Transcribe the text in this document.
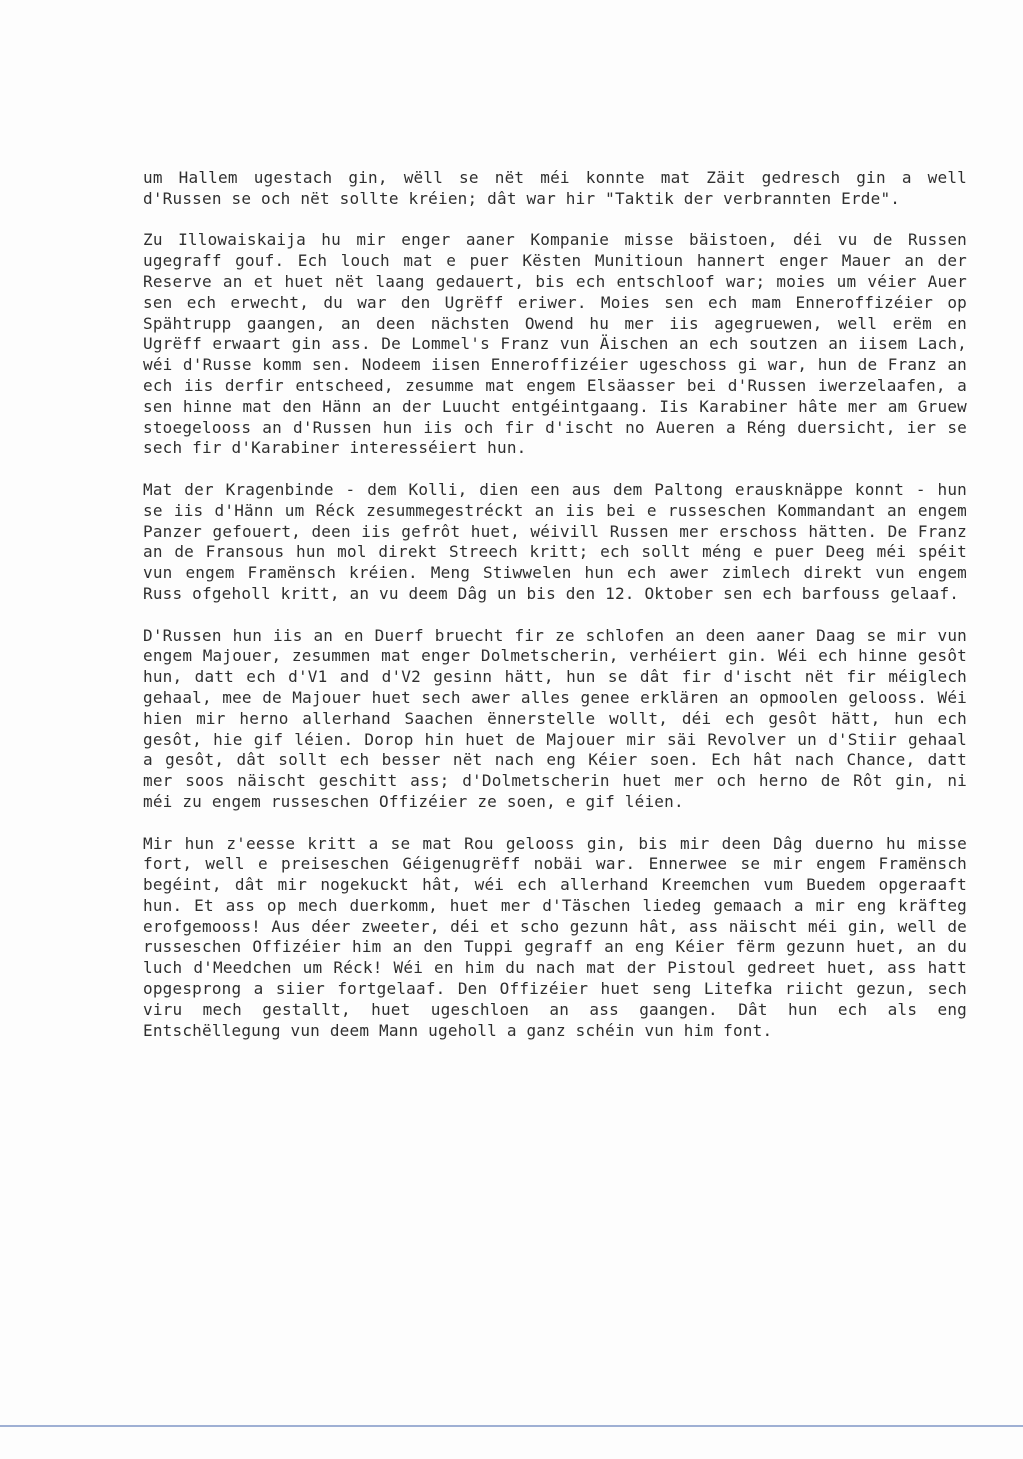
um Hallem ugestach gin, wëll se nët méi konnte mat Zäit gedresch gin a well d'Russen se och nët sollte kréien; dât war hir "Taktik der verbrannten Erde".

Zu Illowaiskaija hu mir enger aaner Kompanie misse bäistoen, déi vu de Russen ugegraff gouf. Ech louch mat e puer Kësten Munitioun hannert enger Mauer an der Reserve an et huet nët laang gedauert, bis ech entschloof war; moies um véier Auer sen ech erwecht, du war den Ugrëff eriwer. Moies sen ech mam Enneroffizéier op Spähtrupp gaangen, an deen nächsten Owend hu mer iis agegruewen, well erëm en Ugrëff erwaart gin ass. De Lommel's Franz vun Äischen an ech soutzen an iisem Lach, wéi d'Russe komm sen. Nodeem iisen Enneroffizéier ugeschoss gi war, hun de Franz an ech iis derfir entscheed, zesumme mat engem Elsäasser bei d'Russen iwerzelaafen, a sen hinne mat den Hänn an der Luucht entgéintgaang. Iis Karabiner hâte mer am Gruew stoegelooss an d'Russen hun iis och fir d'ischt no Aueren a Réng duersicht, ier se sech fir d'Karabiner interesséiert hun.

Mat der Kragenbinde - dem Kolli, dien een aus dem Paltong erausknäppe konnt - hun se iis d'Hänn um Réck zesummegestréckt an iis bei e russeschen Kommandant an engem Panzer gefouert, deen iis gefrôt huet, wéivill Russen mer erschoss hätten. De Franz an de Fransous hun mol direkt Streech kritt; ech sollt méng e puer Deeg méi spéit vun engem Framënsch kréien. Meng Stiwwelen hun ech awer zimlech direkt vun engem Russ ofgeholl kritt, an vu deem Dâg un bis den 12. Oktober sen ech barfouss gelaaf.

D'Russen hun iis an en Duerf bruecht fir ze schlofen an deen aaner Daag se mir vun engem Majouer, zesummen mat enger Dolmetscherin, verhéiert gin. Wéi ech hinne gesôt hun, datt ech d'V1 and d'V2 gesinn hätt, hun se dât fir d'ischt nët fir méiglech gehaal, mee de Majouer huet sech awer alles genee erklären an opmoolen gelooss. Wéi hien mir herno allerhand Saachen ënnerstelle wollt, déi ech gesôt hätt, hun ech gesôt, hie gif léien. Dorop hin huet de Majouer mir säi Revolver un d'Stiir gehaal a gesôt, dât sollt ech besser nët nach eng Kéier soen. Ech hât nach Chance, datt mer soos näischt geschitt ass; d'Dolmetscherin huet mer och herno de Rôt gin, ni méi zu engem russeschen Offizéier ze soen, e gif léien.

Mir hun z'eesse kritt a se mat Rou gelooss gin, bis mir deen Dâg duerno hu misse fort, well e preiseschen Géigenugrëff nobäi war. Ennerwee se mir engem Framënsch begéint, dât mir nogekuckt hât, wéi ech allerhand Kreemchen vum Buedem opgeraaft hun. Et ass op mech duerkomm, huet mer d'Täschen liedeg gemaach a mir eng kräfteg erofgemooss! Aus déer zweeter, déi et scho gezunn hât, ass näischt méi gin, well de russeschen Offizéier him an den Tuppi gegraff an eng Kéier fërm gezunn huet, an du luch d'Meedchen um Réck! Wéi en him du nach mat der Pistoul gedreet huet, ass hatt opgesprong a siier fortgelaaf. Den Offizéier huet seng Litefka riicht gezun, sech viru mech gestallt, huet ugeschloen an ass gaangen. Dât hun ech als eng Entschëllegung vun deem Mann ugeholl a ganz schéin vun him font.
